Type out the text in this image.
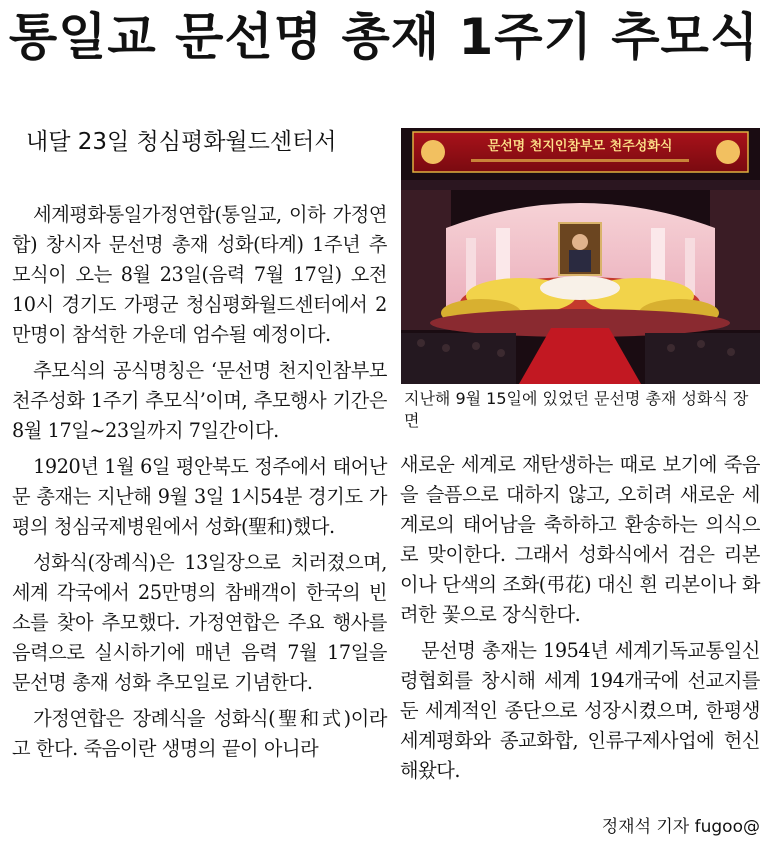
통일교 문선명 총재 1주기 추모식
내달 23일 청심평화월드센터서

세계평화통일가정연합(통일교, 이하 가정연합) 창시자 문선명 총재 성화(타계) 1주년 추모식이 오는 8월 23일(음력 7월 17일) 오전 10시 경기도 가평군 청심평화월드센터에서 2만명이 참석한 가운데 엄수될 예정이다.

추모식의 공식명칭은 ‘문선명 천지인참부모 천주성화 1주기 추모식’이며, 추모행사 기간은 8월 17일~23일까지 7일간이다.

1920년 1월 6일 평안북도 정주에서 태어난 문 총재는 지난해 9월 3일 1시54분 경기도 가평의 청심국제병원에서 성화(聖和)했다.

성화식(장례식)은 13일장으로 치러졌으며, 세계 각국에서 25만명의 참배객이 한국의 빈소를 찾아 추모했다. 가정연합은 주요 행사를 음력으로 실시하기에 매년 음력 7월 17일을 문선명 총재 성화 추모일로 기념한다.

가정연합은 장례식을 성화식(聖和式)이라고 한다. 죽음이란 생명의 끝이 아니라

문선명 천지인참부모 천주성화식
지난해 9월 15일에 있었던 문선명 총재 성화식 장면

새로운 세계로 재탄생하는 때로 보기에 죽음을 슬픔으로 대하지 않고, 오히려 새로운 세계로의 태어남을 축하하고 환송하는 의식으로 맞이한다. 그래서 성화식에서 검은 리본이나 단색의 조화(弔花) 대신 흰 리본이나 화려한 꽃으로 장식한다.

문선명 총재는 1954년 세계기독교통일신령협회를 창시해 세계 194개국에 선교지를 둔 세계적인 종단으로 성장시켰으며, 한평생 세계평화와 종교화합, 인류구제사업에 헌신해왔다.

정재석 기자 fugoo@
